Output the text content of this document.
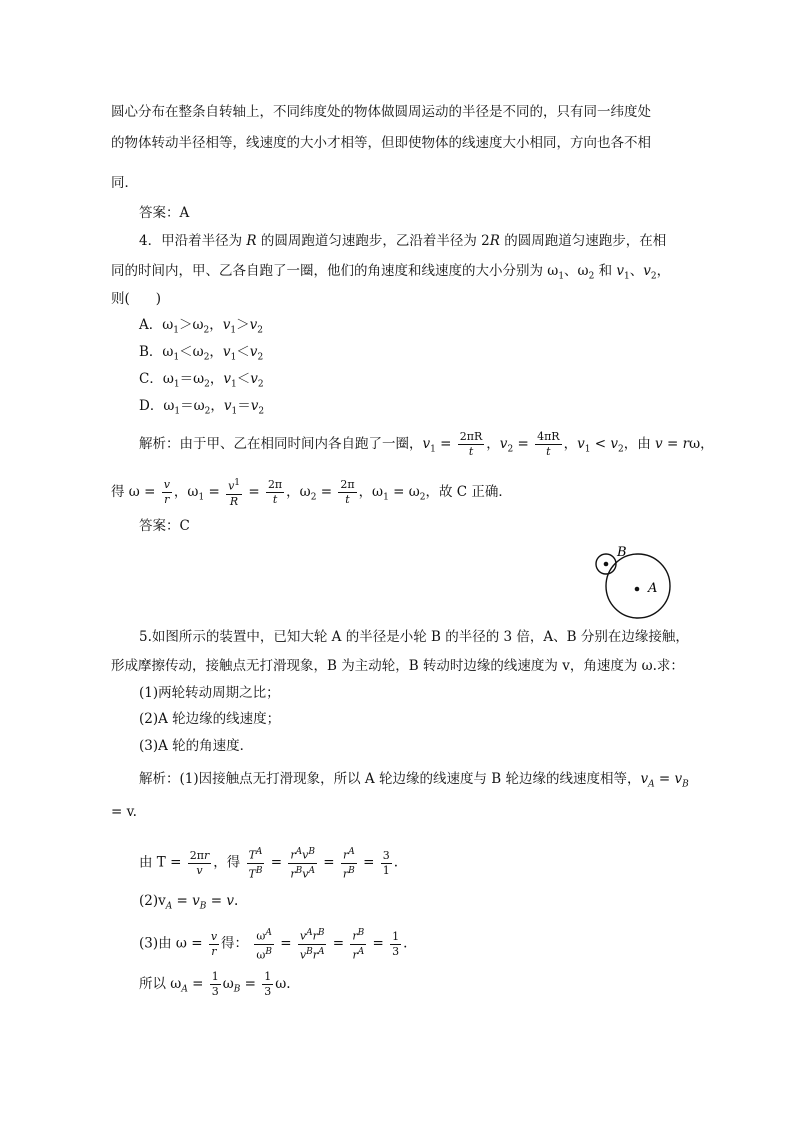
圆心分布在整条自转轴上，不同纬度处的物体做圆周运动的半径是不同的，只有同一纬度处
的物体转动半径相等，线速度的大小才相等，但即使物体的线速度大小相同，方向也各不相
同．
答案：A
4．甲沿着半径为 R 的圆周跑道匀速跑步，乙沿着半径为 2R 的圆周跑道匀速跑步，在相
同的时间内，甲、乙各自跑了一圈，他们的角速度和线速度的大小分别为 $\omega_1$、$\omega_2$ 和 $v_1$、$v_2$，
则( )
A．$\omega_1>\omega_2$，$v_1>v_2$
B．$\omega_1<\omega_2$，$v_1<v_2$
C．$\omega_1=\omega_2$，$v_1<v_2$
D．$\omega_1=\omega_2$，$v_1=v_2$
解析：由于甲、乙在相同时间内各自跑了一圈，$v_1 = \frac{2\pi R}{t}$ ，$v_2 = \frac{4\pi R}{t}$ ，$v_1 < v_2$，由 v = rω，
得 $\omega = \frac{v}{r}$ ，$\omega_1 = \frac{v^1}{R} = \frac{2\pi}{t}$ ，$\omega_2 = \frac{2\pi}{t}$ ，$\omega_1 = \omega_2$，故 C 正确．
答案：C
A
B
5.如图所示的装置中，已知大轮 A 的半径是小轮 B 的半径的 3 倍，A、B 分别在边缘接触，
形成摩擦传动，接触点无打滑现象，B 为主动轮，B 转动时边缘的线速度为 v，角速度为 ω.求：
(1)两轮转动周期之比；
(2)A 轮边缘的线速度；
(3)A 轮的角速度．
解析：(1)因接触点无打滑现象，所以 A 轮边缘的线速度与 B 轮边缘的线速度相等，$v_A = v_B$
= v.
由 $T = \frac{2\pi r}{v}$ ，得 $\frac{T^A}{T^B} = \frac{r^Av^B}{r^Bv^A} = \frac{r^A}{r^B} = \frac{3}{1}$ .
$(2)v_A = v_B = v$.
(3)由 $\omega = \frac{v}{r}$ 得： $\frac{\omega^A}{\omega^B} = \frac{v^Ar^B}{v^Br^A} = \frac{r^B}{r^A} = \frac{1}{3}$ .
所以 $\omega_A = \frac{1}{3} \omega_B = \frac{1}{3} \omega$.
